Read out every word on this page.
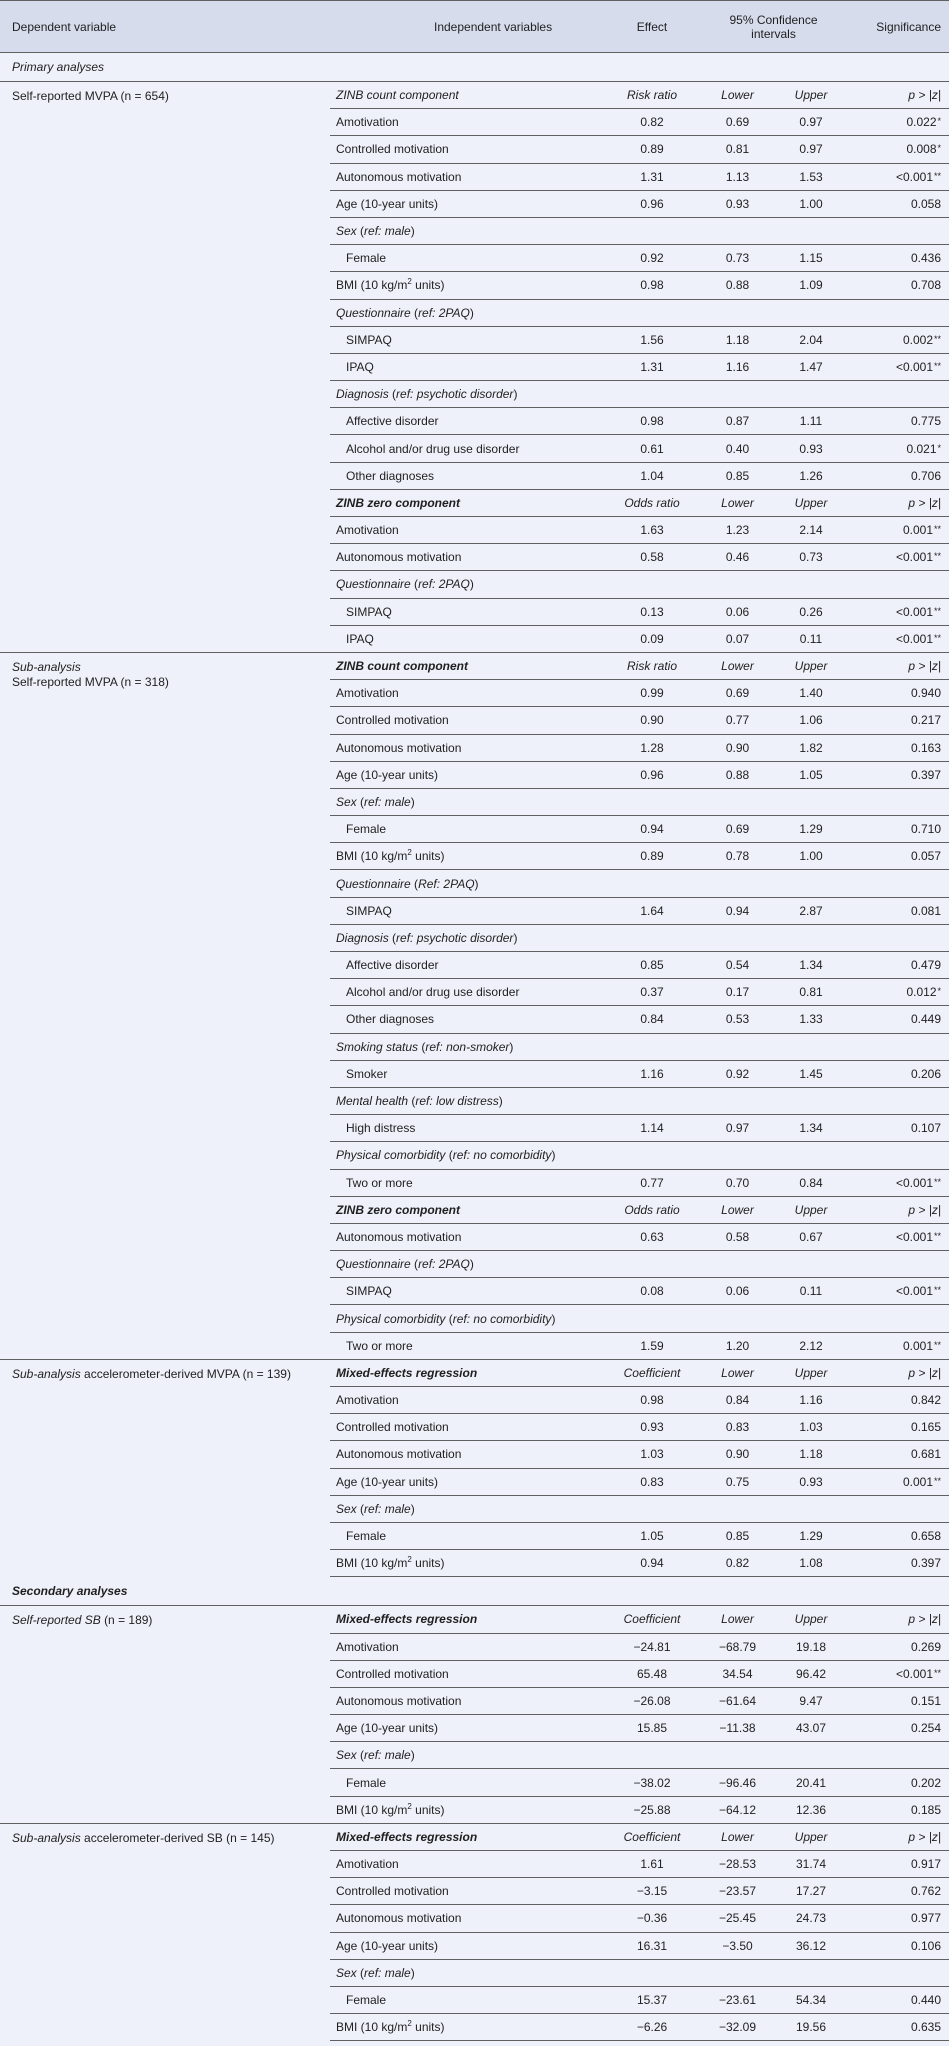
Dependent variable	Independent variables	Effect	95% Confidence intervals		Significance
Primary analyses					
Self-reported MVPA (n = 654)	ZINB count component	Risk ratio	Lower	Upper	p > |z|
	Amotivation	0.82	0.69	0.97	0.022*
	Controlled motivation	0.89	0.81	0.97	0.008*
	Autonomous motivation	1.31	1.13	1.53	<0.001**
	Age (10-year units)	0.96	0.93	1.00	0.058
	Sex (ref: male)				
	Female	0.92	0.73	1.15	0.436
	BMI (10 $kg/m^2$ units)	0.98	0.88	1.09	0.708
	Questionnaire (ref: 2PAQ)				
	SIMPAQ	1.56	1.18	2.04	0.002**
	IPAQ	1.31	1.16	1.47	<0.001**
	Diagnosis (ref: psychotic disorder)				
	Affective disorder	0.98	0.87	1.11	0.775
	Alcohol and/or drug use disorder	0.61	0.40	0.93	0.021*
	Other diagnoses	1.04	0.85	1.26	0.706
	ZINB zero component	Odds ratio	Lower	Upper	p > |z|
	Amotivation	1.63	1.23	2.14	0.001**
	Autonomous motivation	0.58	0.46	0.73	<0.001**
	Questionnaire (ref: 2PAQ)				
	SIMPAQ	0.13	0.06	0.26	<0.001**
	IPAQ	0.09	0.07	0.11	<0.001**
Sub-analysis
Self-reported MVPA (n = 318)	ZINB count component	Risk ratio	Lower	Upper	p > |z|
	Amotivation	0.99	0.69	1.40	0.940
	Controlled motivation	0.90	0.77	1.06	0.217
	Autonomous motivation	1.28	0.90	1.82	0.163
	Age (10-year units)	0.96	0.88	1.05	0.397
	Sex (ref: male)				
	Female	0.94	0.69	1.29	0.710
	BMI (10 $kg/m^2$ units)	0.89	0.78	1.00	0.057
	Questionnaire (Ref: 2PAQ)				
	SIMPAQ	1.64	0.94	2.87	0.081
	Diagnosis (ref: psychotic disorder)				
	Affective disorder	0.85	0.54	1.34	0.479
	Alcohol and/or drug use disorder	0.37	0.17	0.81	0.012*
	Other diagnoses	0.84	0.53	1.33	0.449
	Smoking status (ref: non-smoker)				
	Smoker	1.16	0.92	1.45	0.206
	Mental health (ref: low distress)				
	High distress	1.14	0.97	1.34	0.107
	Physical comorbidity (ref: no comorbidity)				
	Two or more	0.77	0.70	0.84	<0.001**
	ZINB zero component	Odds ratio	Lower	Upper	p > |z|
	Autonomous motivation	0.63	0.58	0.67	<0.001**
	Questionnaire (ref: 2PAQ)				
	SIMPAQ	0.08	0.06	0.11	<0.001**
	Physical comorbidity (ref: no comorbidity)				
	Two or more	1.59	1.20	2.12	0.001**
Sub-analysis accelerometer-derived MVPA (n = 139)	Mixed-effects regression	Coefficient	Lower	Upper	p > |z|
	Amotivation	0.98	0.84	1.16	0.842
	Controlled motivation	0.93	0.83	1.03	0.165
	Autonomous motivation	1.03	0.90	1.18	0.681
	Age (10-year units)	0.83	0.75	0.93	0.001**
	Sex (ref: male)				
	Female	1.05	0.85	1.29	0.658
	BMI (10 $kg/m^2$ units)	0.94	0.82	1.08	0.397
Secondary analyses					
Self-reported SB (n = 189)	Mixed-effects regression	Coefficient	Lower	Upper	p > |z|
	Amotivation	−24.81	−68.79	19.18	0.269
	Controlled motivation	65.48	34.54	96.42	<0.001**
	Autonomous motivation	−26.08	−61.64	9.47	0.151
	Age (10-year units)	15.85	−11.38	43.07	0.254
	Sex (ref: male)				
	Female	−38.02	−96.46	20.41	0.202
	BMI (10 $kg/m^2$ units)	−25.88	−64.12	12.36	0.185
Sub-analysis accelerometer-derived SB (n = 145)	Mixed-effects regression	Coefficient	Lower	Upper	p > |z|
	Amotivation	1.61	−28.53	31.74	0.917
	Controlled motivation	−3.15	−23.57	17.27	0.762
	Autonomous motivation	−0.36	−25.45	24.73	0.977
	Age (10-year units)	16.31	−3.50	36.12	0.106
	Sex (ref: male)				
	Female	15.37	−23.61	54.34	0.440
	BMI (10 $kg/m^2$ units)	−6.26	−32.09	19.56	0.635
